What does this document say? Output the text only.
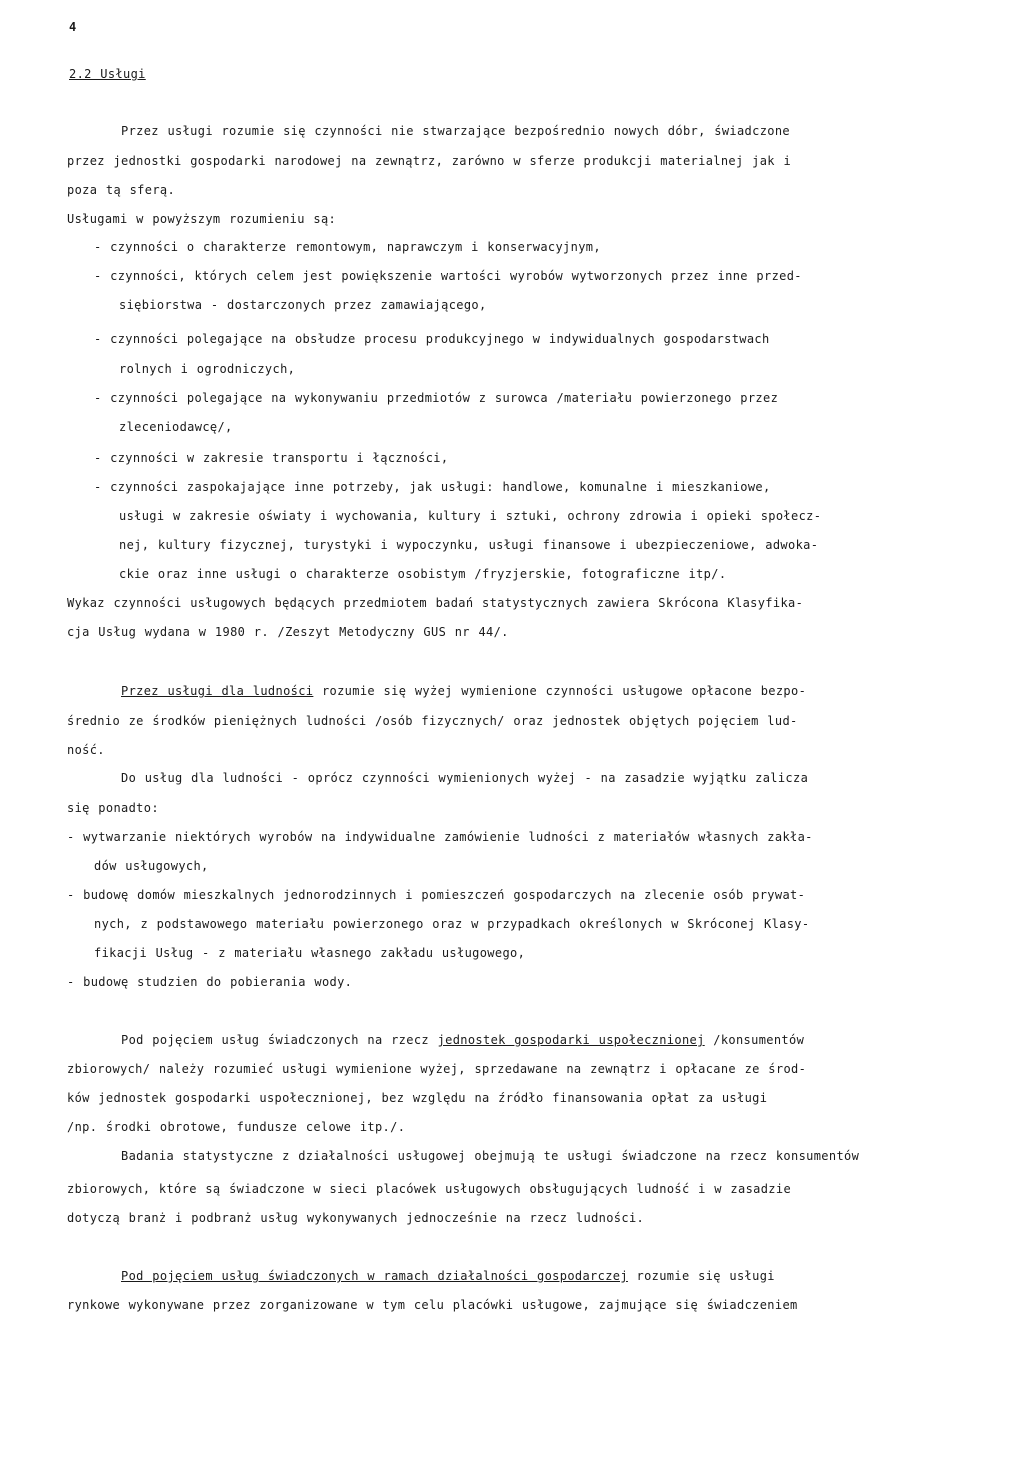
4
2.2 Usługi
Przez usługi rozumie się czynności nie stwarzające bezpośrednio nowych dóbr, świadczone
przez jednostki gospodarki narodowej na zewnątrz, zarówno w sferze produkcji materialnej jak i
poza tą sferą.
Usługami w powyższym rozumieniu są:
- czynności o charakterze remontowym, naprawczym i konserwacyjnym,
- czynności, których celem jest powiększenie wartości wyrobów wytworzonych przez inne przed-
siębiorstwa - dostarczonych przez zamawiającego,
- czynności polegające na obsłudze procesu produkcyjnego w indywidualnych gospodarstwach
rolnych i ogrodniczych,
- czynności polegające na wykonywaniu przedmiotów z surowca /materiału powierzonego przez
zleceniodawcę/,
- czynności w zakresie transportu i łączności,
- czynności zaspokajające inne potrzeby, jak usługi: handlowe, komunalne i mieszkaniowe,
usługi w zakresie oświaty i wychowania, kultury i sztuki, ochrony zdrowia i opieki społecz-
nej, kultury fizycznej, turystyki i wypoczynku, usługi finansowe i ubezpieczeniowe, adwoka-
ckie oraz inne usługi o charakterze osobistym /fryzjerskie, fotograficzne itp/.
Wykaz czynności usługowych będących przedmiotem badań statystycznych zawiera Skrócona Klasyfika-
cja Usług wydana w 1980 r. /Zeszyt Metodyczny GUS nr 44/.
Przez usługi dla ludności rozumie się wyżej wymienione czynności usługowe opłacone bezpo-
średnio ze środków pieniężnych ludności /osób fizycznych/ oraz jednostek objętych pojęciem lud-
ność.
Do usług dla ludności - oprócz czynności wymienionych wyżej - na zasadzie wyjątku zalicza
się ponadto:
- wytwarzanie niektórych wyrobów na indywidualne zamówienie ludności z materiałów własnych zakła-
dów usługowych,
- budowę domów mieszkalnych jednorodzinnych i pomieszczeń gospodarczych na zlecenie osób prywat-
nych, z podstawowego materiału powierzonego oraz w przypadkach określonych w Skróconej Klasy-
fikacji Usług - z materiału własnego zakładu usługowego,
- budowę studzien do pobierania wody.
Pod pojęciem usług świadczonych na rzecz jednostek gospodarki uspołecznionej /konsumentów
zbiorowych/ należy rozumieć usługi wymienione wyżej, sprzedawane na zewnątrz i opłacane ze środ-
ków jednostek gospodarki uspołecznionej, bez względu na źródło finansowania opłat za usługi
/np. środki obrotowe, fundusze celowe itp./.
Badania statystyczne z działalności usługowej obejmują te usługi świadczone na rzecz konsumentów
zbiorowych, które są świadczone w sieci placówek usługowych obsługujących ludność i w zasadzie
dotyczą branż i podbranż usług wykonywanych jednocześnie na rzecz ludności.
Pod pojęciem usług świadczonych w ramach działalności gospodarczej rozumie się usługi
rynkowe wykonywane przez zorganizowane w tym celu placówki usługowe, zajmujące się świadczeniem
